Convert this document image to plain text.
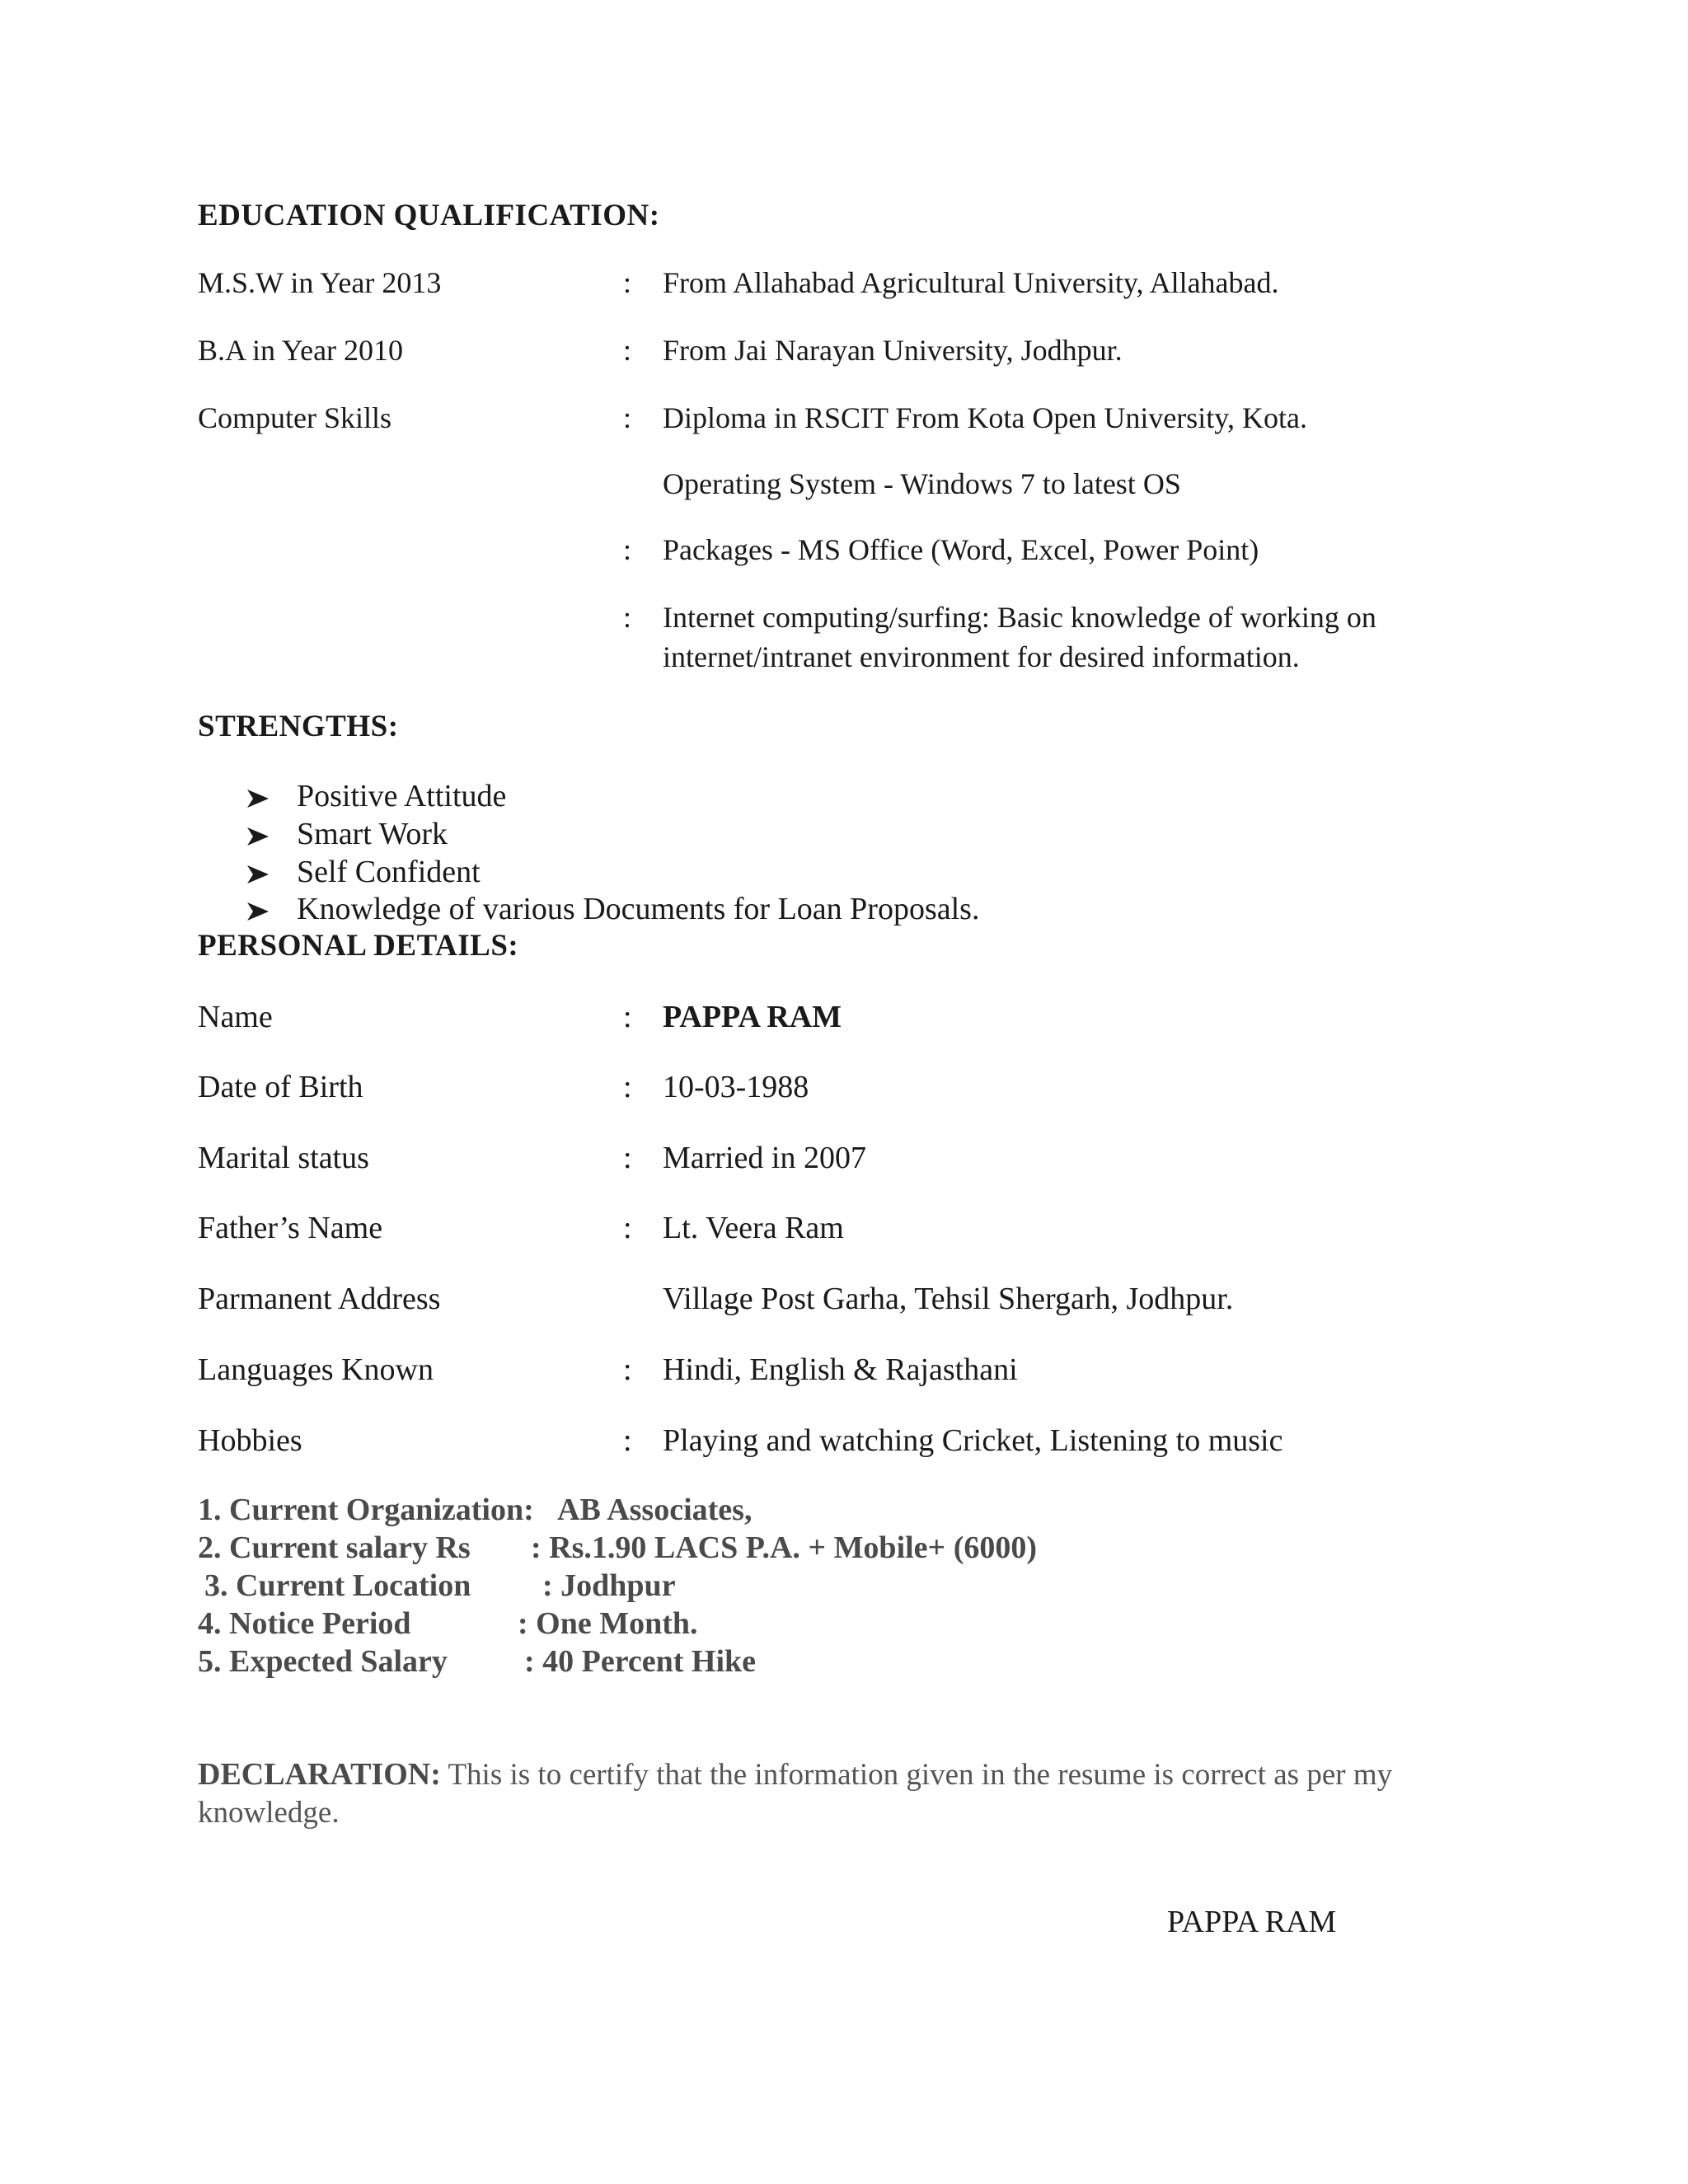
EDUCATION QUALIFICATION:
M.S.W in Year 2013	: From Allahabad Agricultural University, Allahabad.
B.A in Year 2010	: From Jai Narayan University, Jodhpur.
Computer Skills	: Diploma in RSCIT From Kota Open University, Kota.
Operating System - Windows 7 to latest OS
: Packages - MS Office (Word, Excel, Power Point)
: Internet computing/surfing: Basic knowledge of working on
internet/intranet environment for desired information.
STRENGTHS:
Positive Attitude
Smart Work
Self Confident
Knowledge of various Documents for Loan Proposals.
PERSONAL DETAILS:
Name	: PAPPA RAM
Date of Birth	: 10-03-1988
Marital status	: Married in 2007
Father’s Name	: Lt. Veera Ram
Parmanent Address	Village Post Garha, Tehsil Shergarh, Jodhpur.
Languages Known	: Hindi, English & Rajasthani
Hobbies	: Playing and watching Cricket, Listening to music
1. Current Organization: AB Associates,
2. Current salary Rs : Rs.1.90 LACS P.A. + Mobile+ (6000)
3. Current Location : Jodhpur
4. Notice Period	: One Month.
5. Expected Salary : 40 Percent Hike
DECLARATION: This is to certify that the information given in the resume is correct as per my knowledge.
PAPPA RAM
